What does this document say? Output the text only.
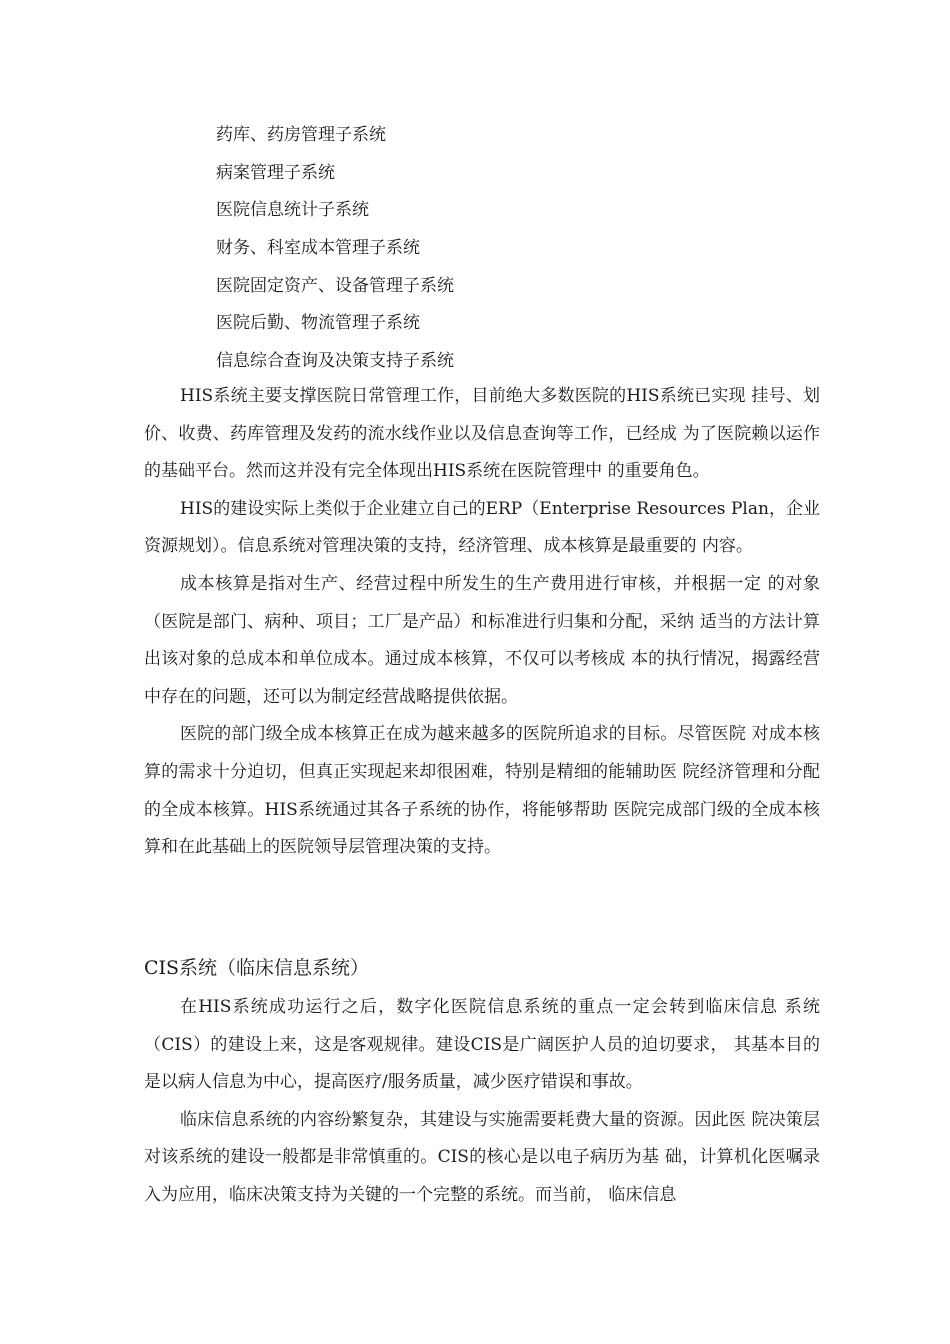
药库、药房管理子系统
病案管理子系统
医院信息统计子系统
财务、科室成本管理子系统
医院固定资产、设备管理子系统
医院后勤、物流管理子系统
信息综合查询及决策支持子系统

HIS系统主要支撑医院日常管理工作，目前绝大多数医院的HIS系统已实现 挂号、划价、收费、药库管理及发药的流水线作业以及信息查询等工作，已经成 为了医院赖以运作的基础平台。然而这并没有完全体现出HIS系统在医院管理中 的重要角色。

HIS的建设实际上类似于企业建立自己的ERP（Enterprise Resources Plan，企业资源规划）。信息系统对管理决策的支持，经济管理、成本核算是最重要的 内容。

成本核算是指对生产、经营过程中所发生的生产费用进行审核，并根据一定 的对象（医院是部门、病种、项目；工厂是产品）和标准进行归集和分配，采纳 适当的方法计算出该对象的总成本和单位成本。通过成本核算，不仅可以考核成 本的执行情况，揭露经营中存在的问题，还可以为制定经营战略提供依据。

医院的部门级全成本核算正在成为越来越多的医院所追求的目标。尽管医院 对成本核算的需求十分迫切，但真正实现起来却很困难，特别是精细的能辅助医 院经济管理和分配的全成本核算。HIS系统通过其各子系统的协作，将能够帮助 医院完成部门级的全成本核算和在此基础上的医院领导层管理决策的支持。

CIS系统（临床信息系统）

在HIS系统成功运行之后，数字化医院信息系统的重点一定会转到临床信息 系统（CIS）的建设上来，这是客观规律。建设CIS是广阔医护人员的迫切要求， 其基本目的是以病人信息为中心，提高医疗/服务质量，减少医疗错误和事故。

临床信息系统的内容纷繁复杂，其建设与实施需要耗费大量的资源。因此医 院决策层对该系统的建设一般都是非常慎重的。CIS的核心是以电子病历为基 础，计算机化医嘱录入为应用，临床决策支持为关键的一个完整的系统。而当前， 临床信息
